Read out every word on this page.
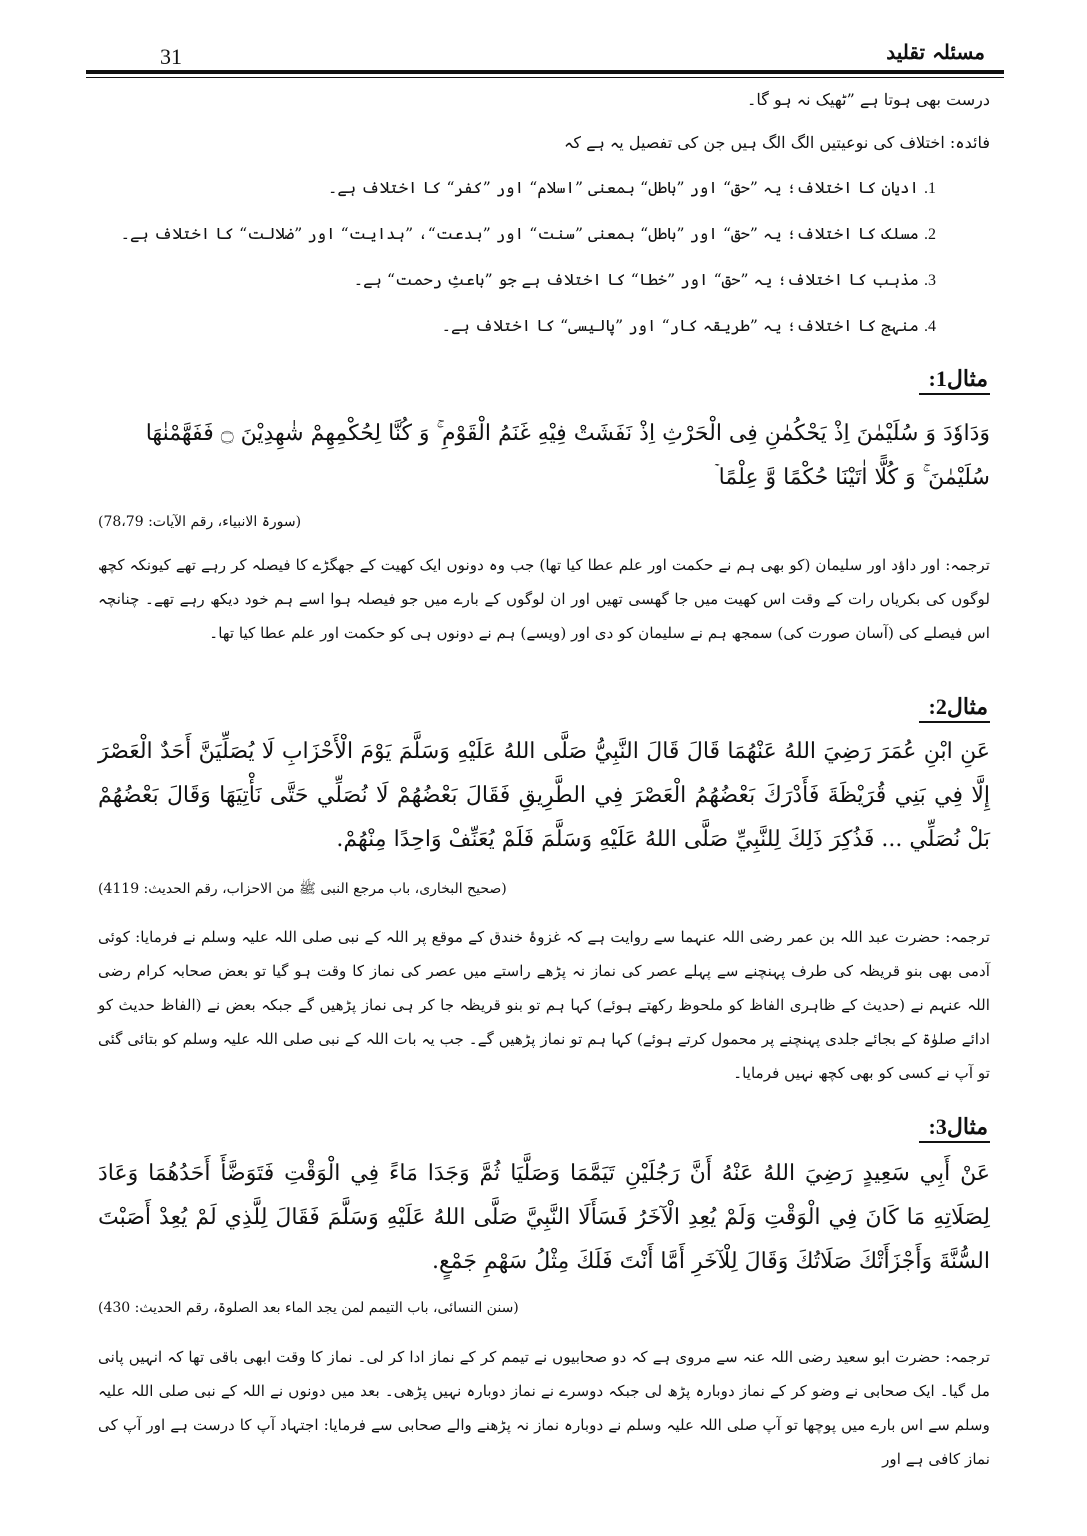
31	مسئلہ تقلید
درست بھی ہوتا ہے ”ٹھیک نہ ہو گا۔
فائدہ: اختلاف کی نوعیتیں الگ الگ ہیں جن کی تفصیل یہ ہے کہ
1. ادیان کا اختلاف؛ یہ ”حق“ اور ”باطل“ بمعنی ”اسلام“ اور ”کفر“ کا اختلاف ہے۔
2. مسلک کا اختلاف؛ یہ ”حق“ اور ”باطل“ بمعنی ”سنت“ اور ”بدعت“، ”ہدایت“ اور ”ضلالت“ کا اختلاف ہے۔
3. مذہب کا اختلاف؛ یہ ”حق“ اور ”خطا“ کا اختلاف ہے جو ”باعثِ رحمت“ ہے۔
4. منہج کا اختلاف؛ یہ ”طریقہ کار“ اور ”پالیسی“ کا اختلاف ہے۔
مثال1:
وَدَاوٗدَ وَ سُلَيْمٰنَ اِذْ يَحْكُمٰنِ فِى الْحَرْثِ اِذْ نَفَشَتْ فِيْهِ غَنَمُ الْقَوْمِ ۚ وَ كُنَّا لِحُكْمِهِمْ شٰهِدِيْنَ ۝ فَفَهَّمْنٰهَا
سُلَيْمٰنَ ۚ وَ كُلًّا اٰتَيْنَا حُكْمًا وَّ عِلْمًا ۡ
(سورۃ الانبیاء، رقم الآیات: 78،79)
ترجمہ: اور داؤد اور سلیمان (کو بھی ہم نے حکمت اور علم عطا کیا تھا) جب وہ دونوں ایک کھیت کے جھگڑے کا فیصلہ کر رہے تھے کیونکہ کچھ لوگوں کی بکریاں رات کے وقت اس کھیت میں جا گھسی تھیں اور ان لوگوں کے بارے میں جو فیصلہ ہوا اسے ہم خود دیکھ رہے تھے۔ چنانچہ اس فیصلے کی (آسان صورت کی) سمجھ ہم نے سلیمان کو دی اور (ویسے) ہم نے دونوں ہی کو حکمت اور علم عطا کیا تھا۔
مثال2:
عَنِ ابْنِ عُمَرَ رَضِيَ اللهُ عَنْهُمَا قَالَ قَالَ النَّبِيُّ صَلَّى اللهُ عَلَيْهِ وَسَلَّمَ يَوْمَ الْأَحْزَابِ لَا يُصَلِّيَنَّ أَحَدٌ الْعَصْرَ إِلَّا فِي بَنِي قُرَيْظَةَ فَأَدْرَكَ بَعْضُهُمُ الْعَصْرَ فِي الطَّرِيقِ فَقَالَ بَعْضُهُمْ لَا نُصَلِّي حَتَّى نَأْتِيَهَا وَقَالَ بَعْضُهُمْ بَلْ نُصَلِّي ... فَذُكِرَ ذَلِكَ لِلنَّبِيِّ صَلَّى اللهُ عَلَيْهِ وَسَلَّمَ فَلَمْ يُعَنِّفْ وَاحِدًا مِنْهُمْ.
(صحیح البخاری، باب مرجع النبی ﷺ من الاحزاب، رقم الحدیث: 4119)
ترجمہ: حضرت عبد اللہ بن عمر رضی اللہ عنہما سے روایت ہے کہ غزوۂ خندق کے موقع پر اللہ کے نبی صلی اللہ علیہ وسلم نے فرمایا: کوئی آدمی بھی بنو قریظہ کی طرف پہنچنے سے پہلے عصر کی نماز نہ پڑھے راستے میں عصر کی نماز کا وقت ہو گیا تو بعض صحابہ کرام رضی اللہ عنہم نے (حدیث کے ظاہری الفاظ کو ملحوظ رکھتے ہوئے) کہا ہم تو بنو قریظہ جا کر ہی نماز پڑھیں گے جبکہ بعض نے (الفاظ حدیث کو ادائے صلوٰۃ کے بجائے جلدی پہنچنے پر محمول کرتے ہوئے) کہا ہم تو نماز پڑھیں گے۔ جب یہ بات اللہ کے نبی صلی اللہ علیہ وسلم کو بتائی گئی تو آپ نے کسی کو بھی کچھ نہیں فرمایا۔
مثال3:
عَنْ أَبِي سَعِيدٍ رَضِيَ اللهُ عَنْهُ أَنَّ رَجُلَيْنِ تَيَمَّمَا وَصَلَّيَا ثُمَّ وَجَدَا مَاءً فِي الْوَقْتِ فَتَوَضَّأَ أَحَدُهُمَا وَعَادَ لِصَلَاتِهِ مَا كَانَ فِي الْوَقْتِ وَلَمْ يُعِدِ الْآخَرُ فَسَأَلَا النَّبِيَّ صَلَّى اللهُ عَلَيْهِ وَسَلَّمَ فَقَالَ لِلَّذِي لَمْ يُعِدْ أَصَبْتَ السُّنَّةَ وَأَجْزَأَتْكَ صَلَاتُكَ وَقَالَ لِلْآخَرِ أَمَّا أَنْتَ فَلَكَ مِثْلُ سَهْمِ جَمْعٍ.
(سنن النسائی، باب التیمم لمن یجد الماء بعد الصلوۃ، رقم الحدیث: 430)
ترجمہ: حضرت ابو سعید رضی اللہ عنہ سے مروی ہے کہ دو صحابیوں نے تیمم کر کے نماز ادا کر لی۔ نماز کا وقت ابھی باقی تھا کہ انہیں پانی مل گیا۔ ایک صحابی نے وضو کر کے نماز دوبارہ پڑھ لی جبکہ دوسرے نے نماز دوبارہ نہیں پڑھی۔ بعد میں دونوں نے اللہ کے نبی صلی اللہ علیہ وسلم سے اس بارے میں پوچھا تو آپ صلی اللہ علیہ وسلم نے دوبارہ نماز نہ پڑھنے والے صحابی سے فرمایا: اجتہاد آپ کا درست ہے اور آپ کی نماز کافی ہے اور
